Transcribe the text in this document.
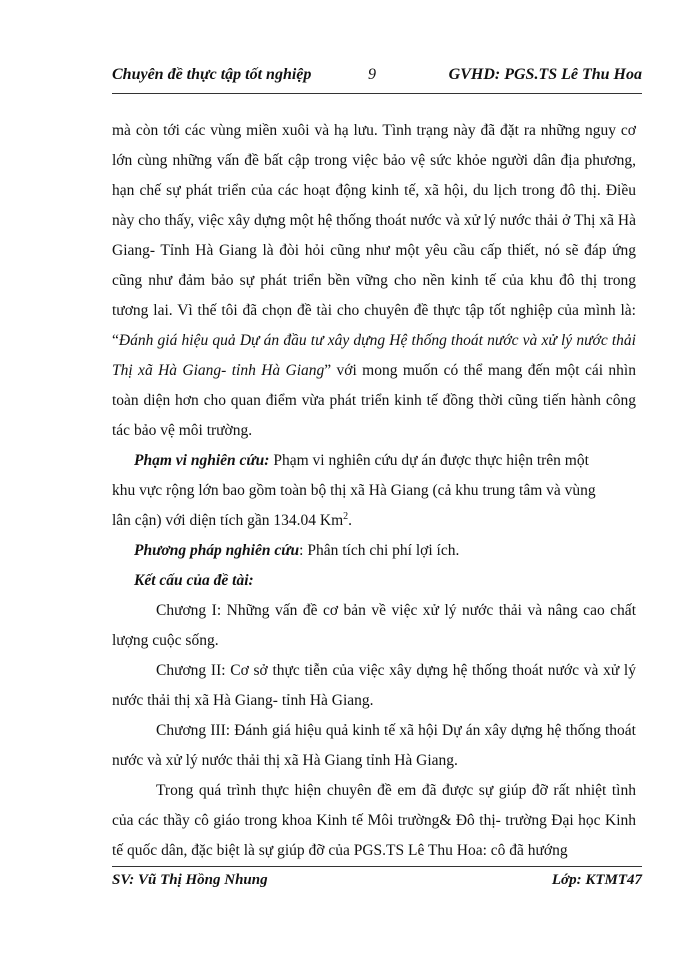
Chuyên đề thực tập tốt nghiệp	9	GVHD: PGS.TS Lê Thu Hoa

mà còn tới các vùng miền xuôi và hạ lưu. Tình trạng này đã đặt ra những nguy cơ lớn cùng những vấn đề bất cập trong việc bảo vệ sức khỏe người dân địa phương, hạn chế sự phát triển của các hoạt động kinh tế, xã hội, du lịch trong đô thị. Điều này cho thấy, việc xây dựng một hệ thống thoát nước và xử lý nước thải ở Thị xã Hà Giang- Tỉnh Hà Giang là đòi hỏi cũng như một yêu cầu cấp thiết, nó sẽ đáp ứng cũng như đảm bảo sự phát triển bền vững cho nền kinh tế của khu đô thị trong tương lai. Vì thế tôi đã chọn đề tài cho chuyên đề thực tập tốt nghiệp của mình là: “Đánh giá hiệu quả Dự án đầu tư xây dựng Hệ thống thoát nước và xử lý nước thải Thị xã Hà Giang- tỉnh Hà Giang” với mong muốn có thể mang đến một cái nhìn toàn diện hơn cho quan điểm vừa phát triển kinh tế đồng thời cũng tiến hành công tác bảo vệ môi trường.

Phạm vi nghiên cứu: Phạm vi nghiên cứu dự án được thực hiện trên một khu vực rộng lớn bao gồm toàn bộ thị xã Hà Giang (cả khu trung tâm và vùng lân cận) với diện tích gần 134.04 Km$^2$.

Phương pháp nghiên cứu: Phân tích chi phí lợi ích.

Kết cấu của đề tài:

Chương I: Những vấn đề cơ bản về việc xử lý nước thải và nâng cao chất lượng cuộc sống.

Chương II: Cơ sở thực tiễn của việc xây dựng hệ thống thoát nước và xử lý nước thải thị xã Hà Giang- tỉnh Hà Giang.

Chương III: Đánh giá hiệu quả kinh tế xã hội Dự án xây dựng hệ thống thoát nước và xử lý nước thải thị xã Hà Giang tỉnh Hà Giang.

Trong quá trình thực hiện chuyên đề em đã được sự giúp đỡ rất nhiệt tình của các thầy cô giáo trong khoa Kinh tế Môi trường& Đô thị- trường Đại học Kinh tế quốc dân, đặc biệt là sự giúp đỡ của PGS.TS Lê Thu Hoa: cô đã hướng

SV: Vũ Thị Hồng Nhung	Lớp: KTMT47
